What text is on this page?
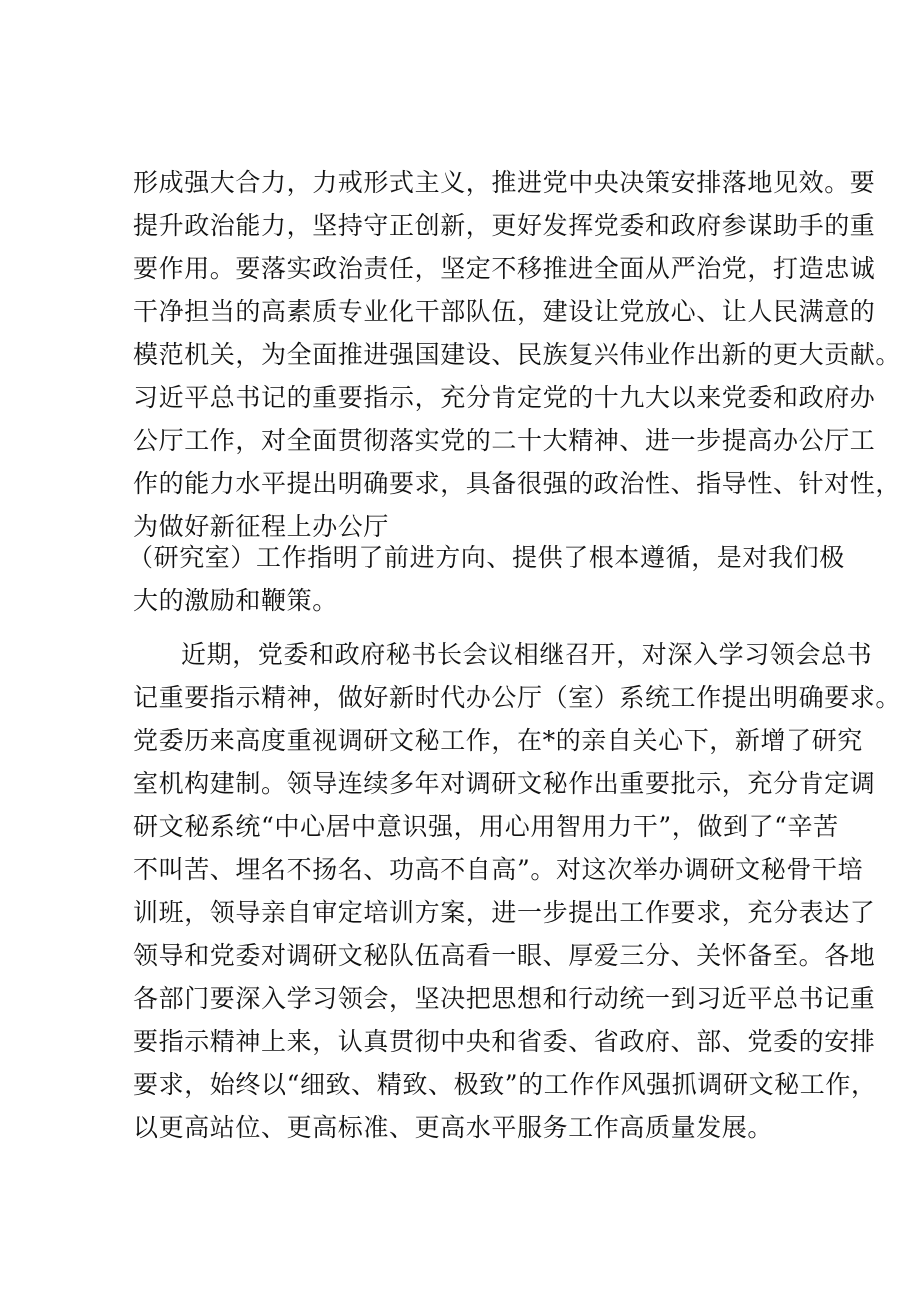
形成强大合力，力戒形式主义，推进党中央决策安排落地见效。要
提升政治能力，坚持守正创新，更好发挥党委和政府参谋助手的重
要作用。要落实政治责任，坚定不移推进全面从严治党，打造忠诚
干净担当的高素质专业化干部队伍，建设让党放心、让人民满意的
模范机关，为全面推进强国建设、民族复兴伟业作出新的更大贡献。
习近平总书记的重要指示，充分肯定党的十九大以来党委和政府办
公厅工作，对全面贯彻落实党的二十大精神、进一步提高办公厅工
作的能力水平提出明确要求，具备很强的政治性、指导性、针对性，
为做好新征程上办公厅
（研究室）工作指明了前进方向、提供了根本遵循，是对我们极
大的激励和鞭策。
近期，党委和政府秘书长会议相继召开，对深入学习领会总书
记重要指示精神，做好新时代办公厅（室）系统工作提出明确要求。
党委历来高度重视调研文秘工作，在*的亲自关心下，新增了研究
室机构建制。领导连续多年对调研文秘作出重要批示，充分肯定调
研文秘系统“中心居中意识强，用心用智用力干”，做到了“辛苦
不叫苦、埋名不扬名、功高不自高”。对这次举办调研文秘骨干培
训班，领导亲自审定培训方案，进一步提出工作要求，充分表达了
领导和党委对调研文秘队伍高看一眼、厚爱三分、关怀备至。各地
各部门要深入学习领会，坚决把思想和行动统一到习近平总书记重
要指示精神上来，认真贯彻中央和省委、省政府、部、党委的安排
要求，始终以“细致、精致、极致”的工作作风强抓调研文秘工作，
以更高站位、更高标准、更高水平服务工作高质量发展。
